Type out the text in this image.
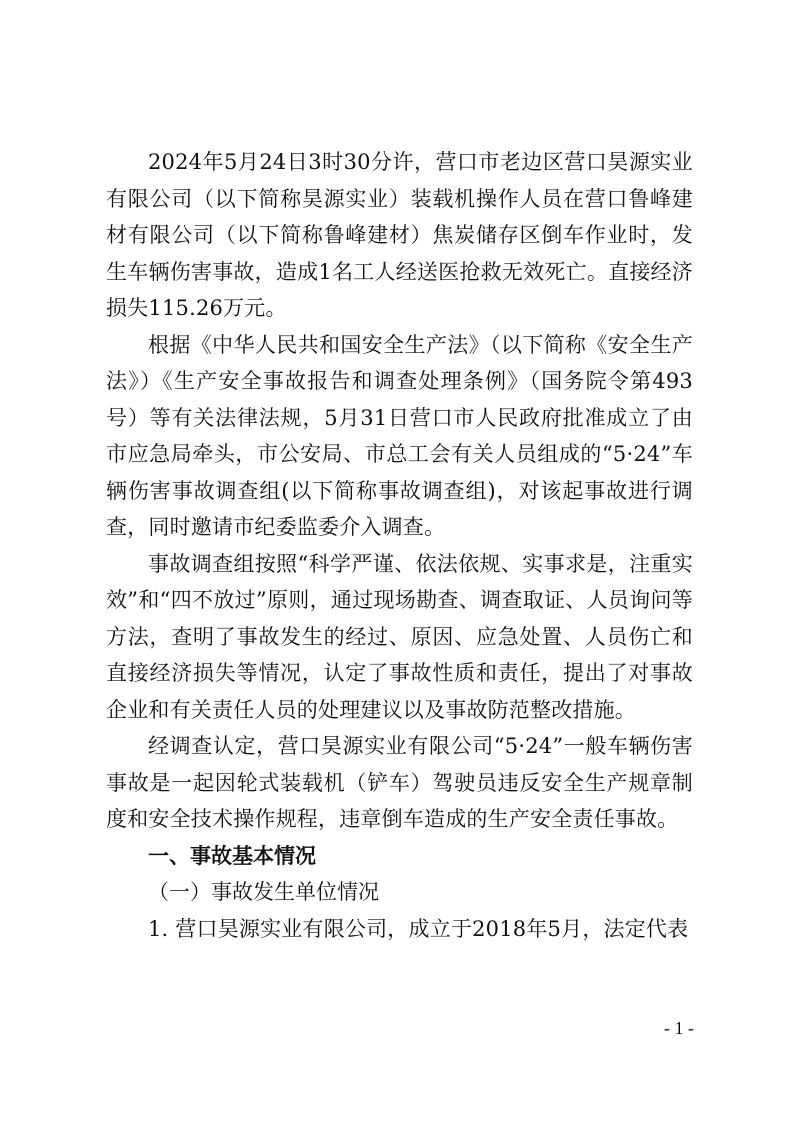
2024年5月24日3时30分许，营口市老边区营口昊源实业有限公司（以下简称昊源实业）装载机操作人员在营口鲁峰建材有限公司（以下简称鲁峰建材）焦炭储存区倒车作业时，发生车辆伤害事故，造成1名工人经送医抢救无效死亡。直接经济损失115.26万元。

根据《中华人民共和国安全生产法》（以下简称《安全生产法》）《生产安全事故报告和调查处理条例》（国务院令第493号）等有关法律法规，5月31日营口市人民政府批准成立了由市应急局牵头，市公安局、市总工会有关人员组成的“5·24”车辆伤害事故调查组(以下简称事故调查组)，对该起事故进行调查，同时邀请市纪委监委介入调查。

事故调查组按照“科学严谨、依法依规、实事求是，注重实效”和“四不放过”原则，通过现场勘查、调查取证、人员询问等方法，查明了事故发生的经过、原因、应急处置、人员伤亡和直接经济损失等情况，认定了事故性质和责任，提出了对事故企业和有关责任人员的处理建议以及事故防范整改措施。

经调查认定，营口昊源实业有限公司“5·24”一般车辆伤害事故是一起因轮式装载机（铲车）驾驶员违反安全生产规章制度和安全技术操作规程，违章倒车造成的生产安全责任事故。

一、事故基本情况

（一）事故发生单位情况

1. 营口昊源实业有限公司，成立于2018年5月，法定代表

- 1 -
